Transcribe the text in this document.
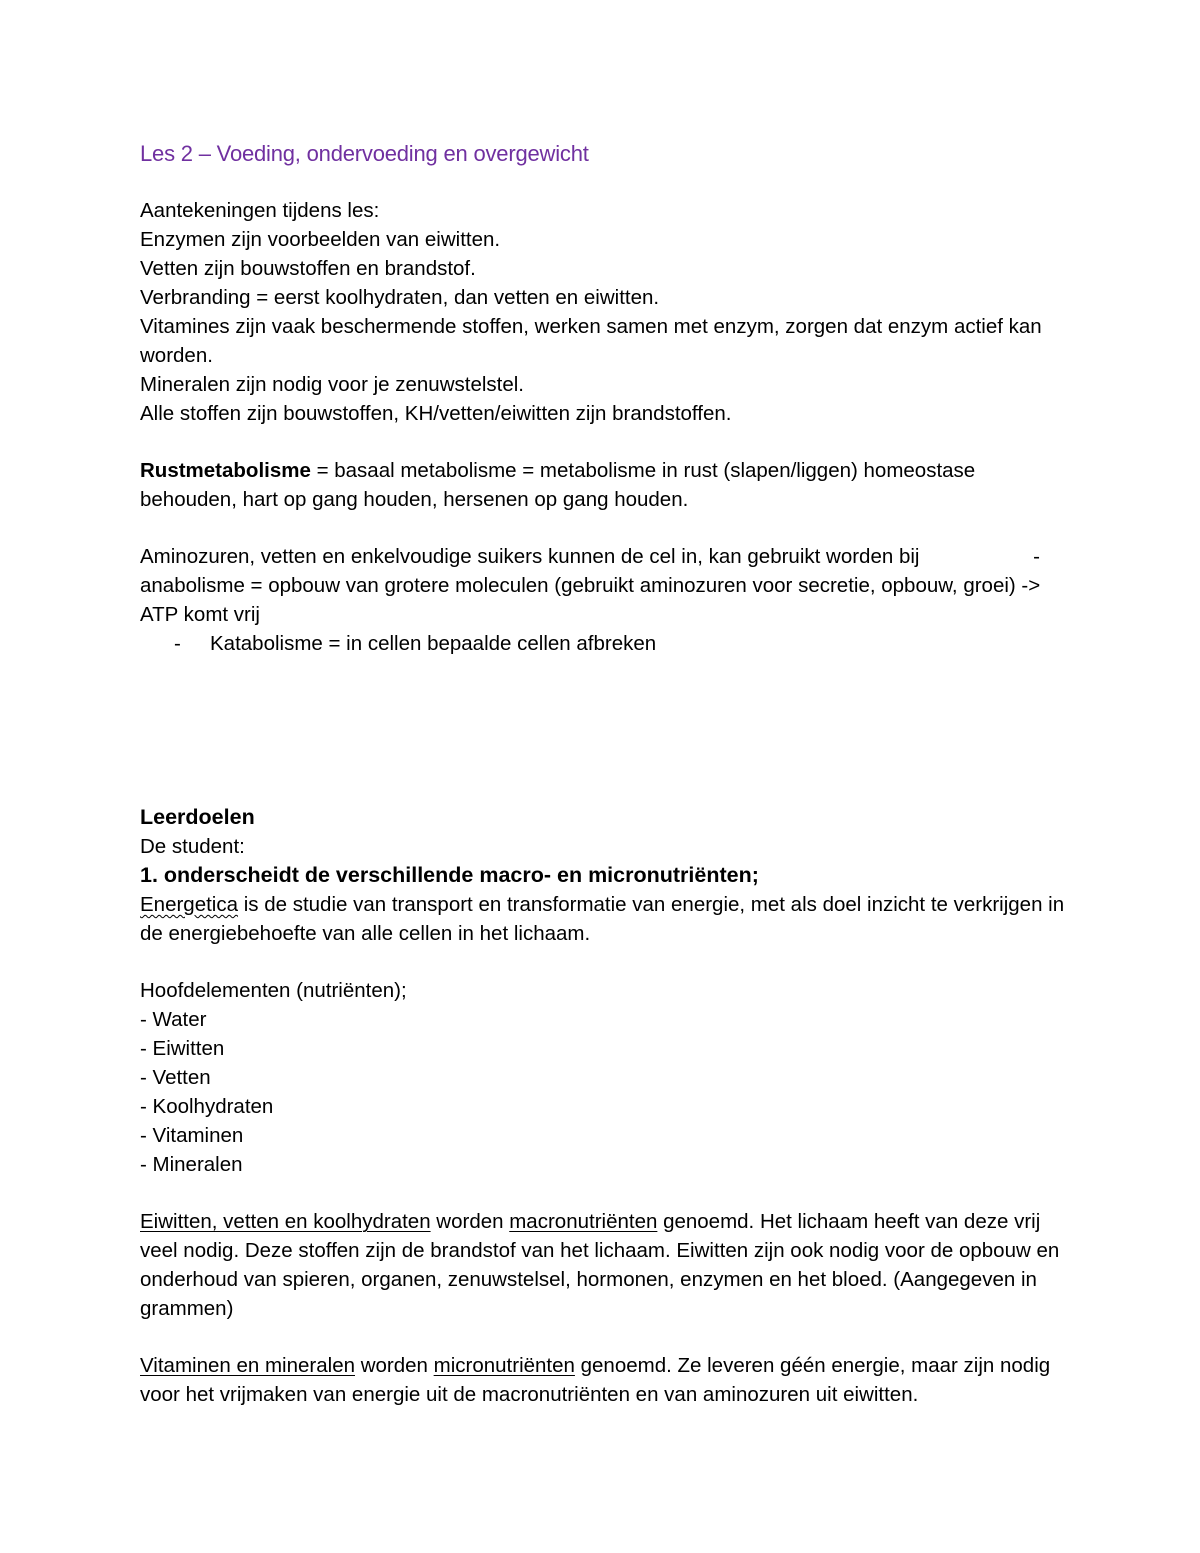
Les 2 – Voeding, ondervoeding en overgewicht

Aantekeningen tijdens les:

Enzymen zijn voorbeelden van eiwitten.

Vetten zijn bouwstoffen en brandstof.

Verbranding = eerst koolhydraten, dan vetten en eiwitten.

Vitamines zijn vaak beschermende stoffen, werken samen met enzym, zorgen dat enzym actief kan worden.

Mineralen zijn nodig voor je zenuwstelstel.

Alle stoffen zijn bouwstoffen, KH/vetten/eiwitten zijn brandstoffen.

Rustmetabolisme = basaal metabolisme = metabolisme in rust (slapen/liggen) homeostase behouden, hart op gang houden, hersenen op gang houden.

Aminozuren, vetten en enkelvoudige suikers kunnen de cel in, kan gebruikt worden bij	-

anabolisme = opbouw van grotere moleculen (gebruikt aminozuren voor secretie, opbouw, groei) -> ATP komt vrij

- Katabolisme = in cellen bepaalde cellen afbreken

Leerdoelen

De student:

1. onderscheidt de verschillende macro- en micronutriënten;

Energetica is de studie van transport en transformatie van energie, met als doel inzicht te verkrijgen in de energiebehoefte van alle cellen in het lichaam.

Hoofdelementen (nutriënten);

- Water

- Eiwitten

- Vetten

- Koolhydraten

- Vitaminen

- Mineralen

Eiwitten, vetten en koolhydraten worden macronutriënten genoemd. Het lichaam heeft van deze vrij veel nodig. Deze stoffen zijn de brandstof van het lichaam. Eiwitten zijn ook nodig voor de opbouw en onderhoud van spieren, organen, zenuwstelsel, hormonen, enzymen en het bloed. (Aangegeven in grammen)

Vitaminen en mineralen worden micronutriënten genoemd. Ze leveren géén energie, maar zijn nodig voor het vrijmaken van energie uit de macronutriënten en van aminozuren uit eiwitten.
